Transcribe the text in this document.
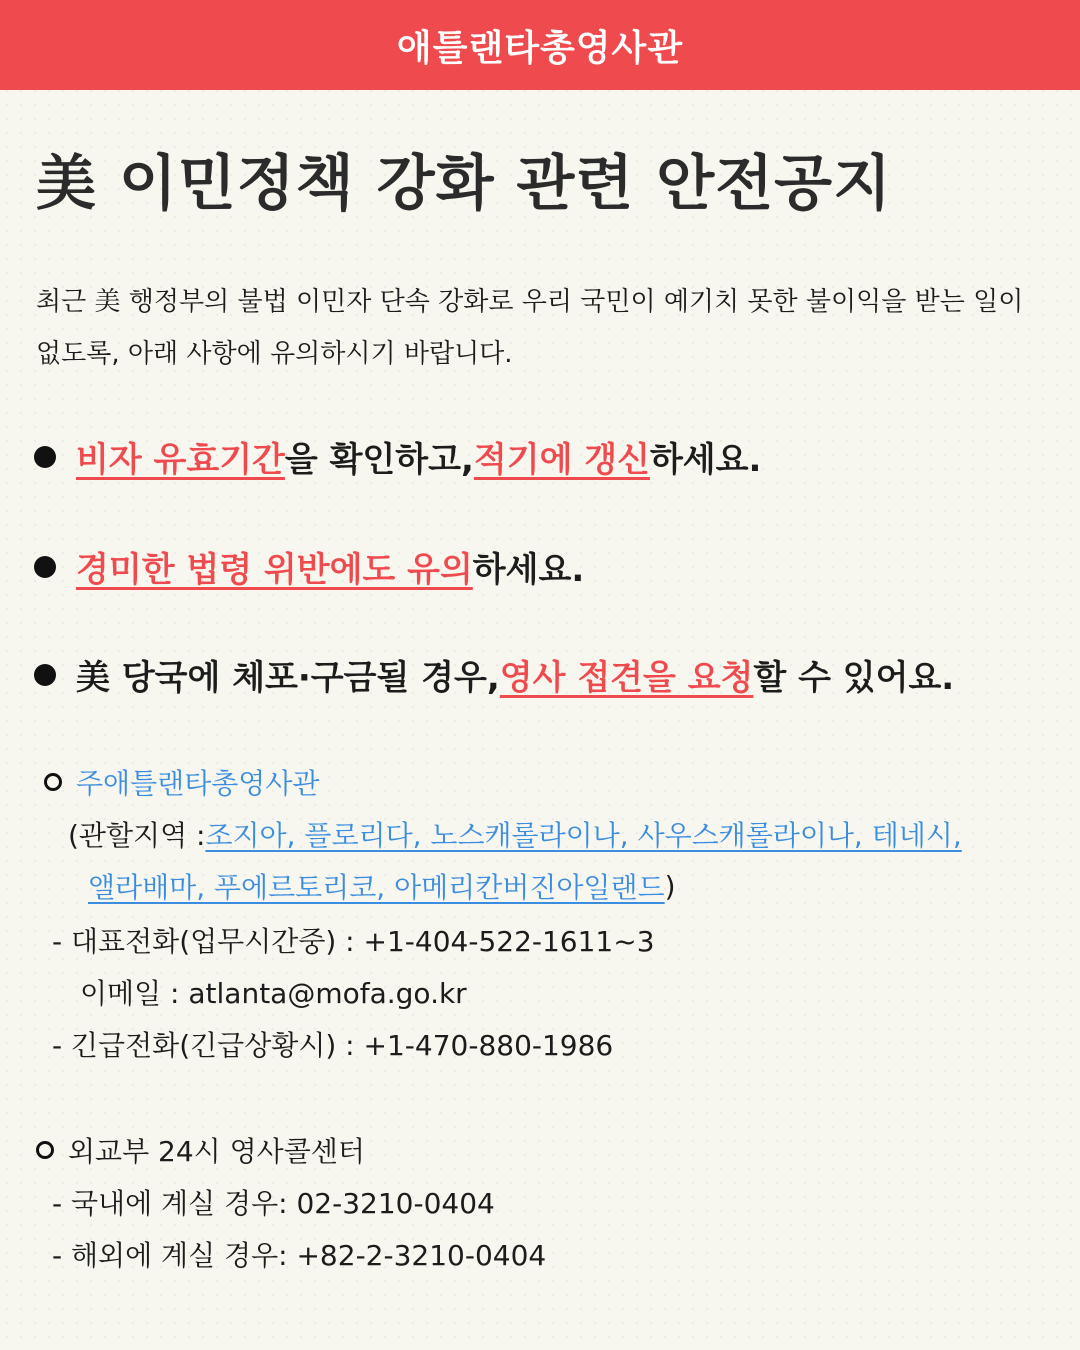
애틀랜타총영사관
美 이민정책 강화 관련 안전공지

최근 美 행정부의 불법 이민자 단속 강화로 우리 국민이 예기치 못한 불이익을 받는 일이 없도록, 아래 사항에 유의하시기 바랍니다.

비자 유효기간 을 확인하고, 적기에 갱신 하세요.
경미한 법령 위반에도 유의 하세요.
美 당국에 체포·구금될 경우, 영사 접견을 요청 할 수 있어요.
주애틀랜타총영사관
(관할지역 : 조지아, 플로리다, 노스캐롤라이나, 사우스캐롤라이나, 테네시,
앨라배마, 푸에르토리코, 아메리칸버진아일랜드 )
- 대표전화(업무시간중) : +1-404-522-1611~3
이메일 : atlanta@mofa.go.kr
- 긴급전화(긴급상황시) : +1-470-880-1986
외교부 24시 영사콜센터
- 국내에 계실 경우: 02-3210-0404
- 해외에 계실 경우: +82-2-3210-0404
